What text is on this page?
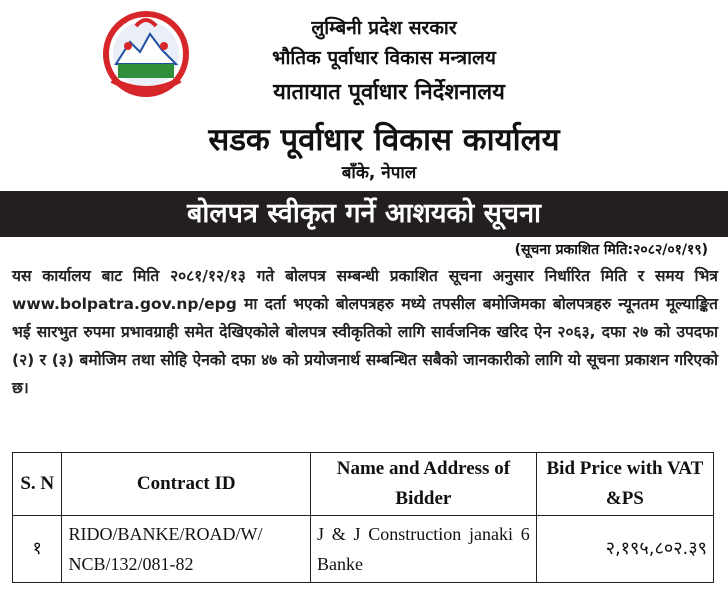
लुम्बिनी प्रदेश सरकार
भौतिक पूर्वाधार विकास मन्त्रालय
यातायात पूर्वाधार निर्देशनालय
सडक पूर्वाधार विकास कार्यालय
बाँके, नेपाल
बोलपत्र स्वीकृत गर्ने आशयको सूचना
(सूचना प्रकाशित मिति:२०८२/०१/१९)
यस कार्यालय बाट मिति २०८१/१२/१३ गते बोलपत्र सम्बन्धी प्रकाशित सूचना अनुसार निर्धारित मिति र समय भित्र www.bolpatra.gov.np/epg मा दर्ता भएको बोलपत्रहरु मध्ये तपसील बमोजिमका बोलपत्रहरु न्यूनतम मूल्याङ्कित भई सारभुत रुपमा प्रभावग्राही समेत देखिएकोले बोलपत्र स्वीकृतिको लागि सार्वजनिक खरिद ऐन २०६३, दफा २७ को उपदफा (२) र (३) बमोजिम तथा सोहि ऐनको दफा ४७ को प्रयोजनार्थ सम्बन्धित सबैको जानकारीको लागि यो सूचना प्रकाशन गरिएको छ।
S. N	Contract ID	Name and Address of Bidder	Bid Price with VAT &PS
१	RIDO/BANKE/ROAD/W/ NCB/132/081-82	J & J Construction janaki 6 Banke	२,१९५,८०२.३९
